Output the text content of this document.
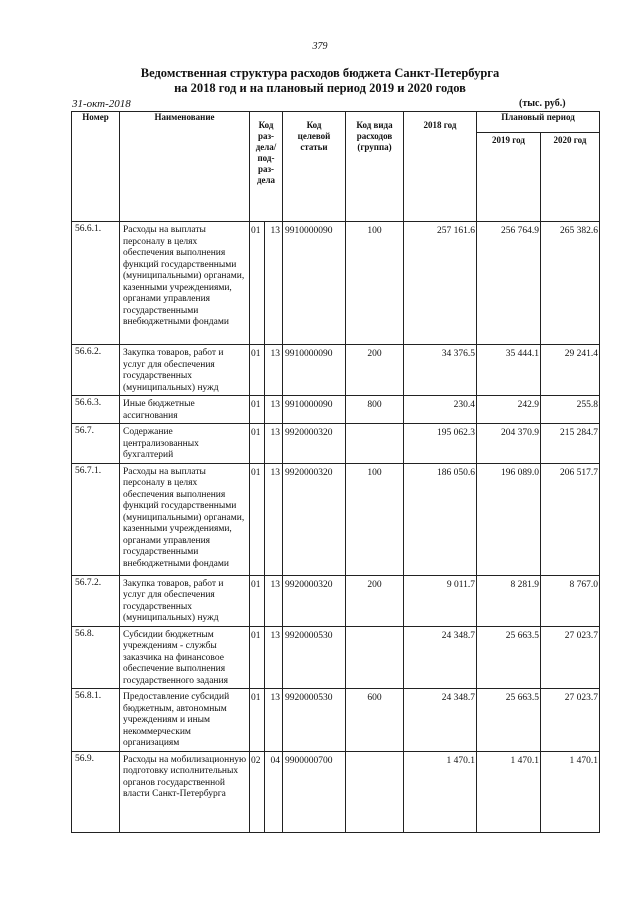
379
Ведомственная структура расходов бюджета Санкт-Петербурга
на 2018 год и на плановый период 2019 и 2020 годов
31-окт-2018	(тыс. руб.)
Номер	Наименование	Код раз-дела/ под-раз-дела		Код целевой статьи	Код вида расходов (группа)	2018 год	Плановый период	
							2019 год	2020 год
56.6.1.	Расходы на выплаты персоналу в целях обеспечения выполнения функций государственными (муниципальными) органами, казенными учреждениями, органами управления государственными внебюджетными фондами	01	13	9910000090	100	257 161.6	256 764.9	265 382.6
56.6.2.	Закупка товаров, работ и услуг для обеспечения государственных (муниципальных) нужд	01	13	9910000090	200	34 376.5	35 444.1	29 241.4
56.6.3.	Иные бюджетные ассигнования	01	13	9910000090	800	230.4	242.9	255.8
56.7.	Содержание централизованных бухгалтерий	01	13	9920000320		195 062.3	204 370.9	215 284.7
56.7.1.	Расходы на выплаты персоналу в целях обеспечения выполнения функций государственными (муниципальными) органами, казенными учреждениями, органами управления государственными внебюджетными фондами	01	13	9920000320	100	186 050.6	196 089.0	206 517.7
56.7.2.	Закупка товаров, работ и услуг для обеспечения государственных (муниципальных) нужд	01	13	9920000320	200	9 011.7	8 281.9	8 767.0
56.8.	Субсидии бюджетным учреждениям - службы заказчика на финансовое обеспечение выполнения государственного задания	01	13	9920000530		24 348.7	25 663.5	27 023.7
56.8.1.	Предоставление субсидий бюджетным, автономным учреждениям и иным некоммерческим организациям	01	13	9920000530	600	24 348.7	25 663.5	27 023.7
56.9.	Расходы на мобилизационную подготовку исполнительных органов государственной власти Санкт-Петербурга	02	04	9900000700		1 470.1	1 470.1	1 470.1
